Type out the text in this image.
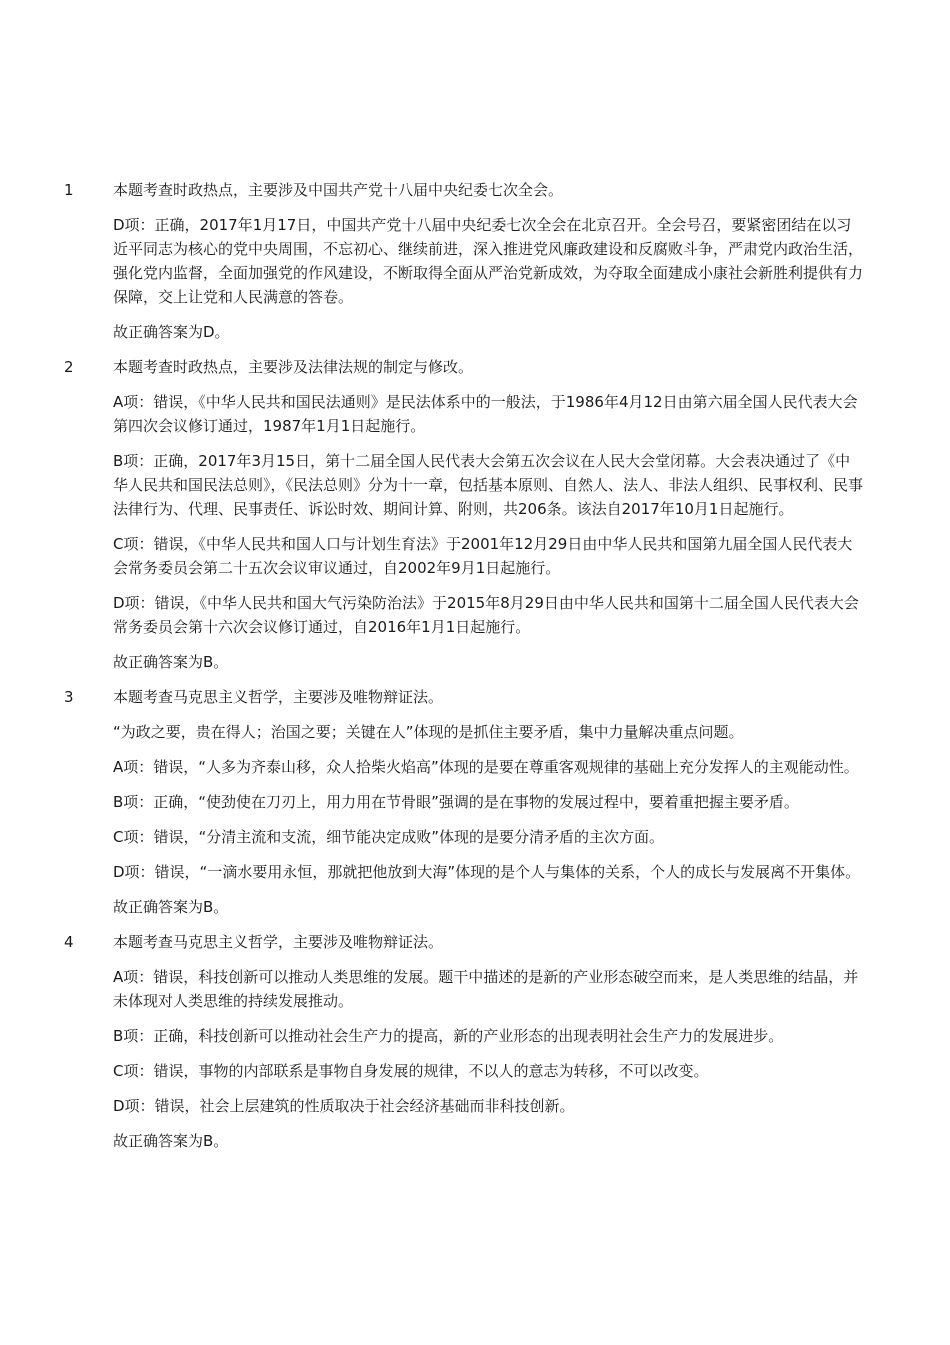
1	本题考查时政热点，主要涉及中国共产党十八届中央纪委七次全会。

D项：正确，2017年1月17日，中国共产党十八届中央纪委七次全会在北京召开。全会号召，要紧密团结在以习近平同志为核心的党中央周围，不忘初心、继续前进，深入推进党风廉政建设和反腐败斗争，严肃党内政治生活，强化党内监督，全面加强党的作风建设，不断取得全面从严治党新成效，为夺取全面建成小康社会新胜利提供有力保障，交上让党和人民满意的答卷。

故正确答案为D。

2	本题考查时政热点，主要涉及法律法规的制定与修改。

A项：错误，《中华人民共和国民法通则》是民法体系中的一般法，于1986年4月12日由第六届全国人民代表大会第四次会议修订通过，1987年1月1日起施行。

B项：正确，2017年3月15日，第十二届全国人民代表大会第五次会议在人民大会堂闭幕。大会表决通过了《中华人民共和国民法总则》，《民法总则》分为十一章，包括基本原则、自然人、法人、非法人组织、民事权利、民事法律行为、代理、民事责任、诉讼时效、期间计算、附则，共206条。该法自2017年10月1日起施行。

C项：错误，《中华人民共和国人口与计划生育法》于2001年12月29日由中华人民共和国第九届全国人民代表大会常务委员会第二十五次会议审议通过，自2002年9月1日起施行。

D项：错误，《中华人民共和国大气污染防治法》于2015年8月29日由中华人民共和国第十二届全国人民代表大会常务委员会第十六次会议修订通过，自2016年1月1日起施行。

故正确答案为B。

3	本题考查马克思主义哲学，主要涉及唯物辩证法。

“为政之要，贵在得人；治国之要；关键在人”体现的是抓住主要矛盾，集中力量解决重点问题。

A项：错误，“人多为齐泰山移，众人拾柴火焰高”体现的是要在尊重客观规律的基础上充分发挥人的主观能动性。

B项：正确，“使劲使在刀刃上，用力用在节骨眼”强调的是在事物的发展过程中，要着重把握主要矛盾。

C项：错误，“分清主流和支流，细节能决定成败”体现的是要分清矛盾的主次方面。

D项：错误，“一滴水要用永恒，那就把他放到大海”体现的是个人与集体的关系，个人的成长与发展离不开集体。

故正确答案为B。

4	本题考查马克思主义哲学，主要涉及唯物辩证法。

A项：错误，科技创新可以推动人类思维的发展。题干中描述的是新的产业形态破空而来，是人类思维的结晶，并未体现对人类思维的持续发展推动。

B项：正确，科技创新可以推动社会生产力的提高，新的产业形态的出现表明社会生产力的发展进步。

C项：错误，事物的内部联系是事物自身发展的规律，不以人的意志为转移，不可以改变。

D项：错误，社会上层建筑的性质取决于社会经济基础而非科技创新。

故正确答案为B。
